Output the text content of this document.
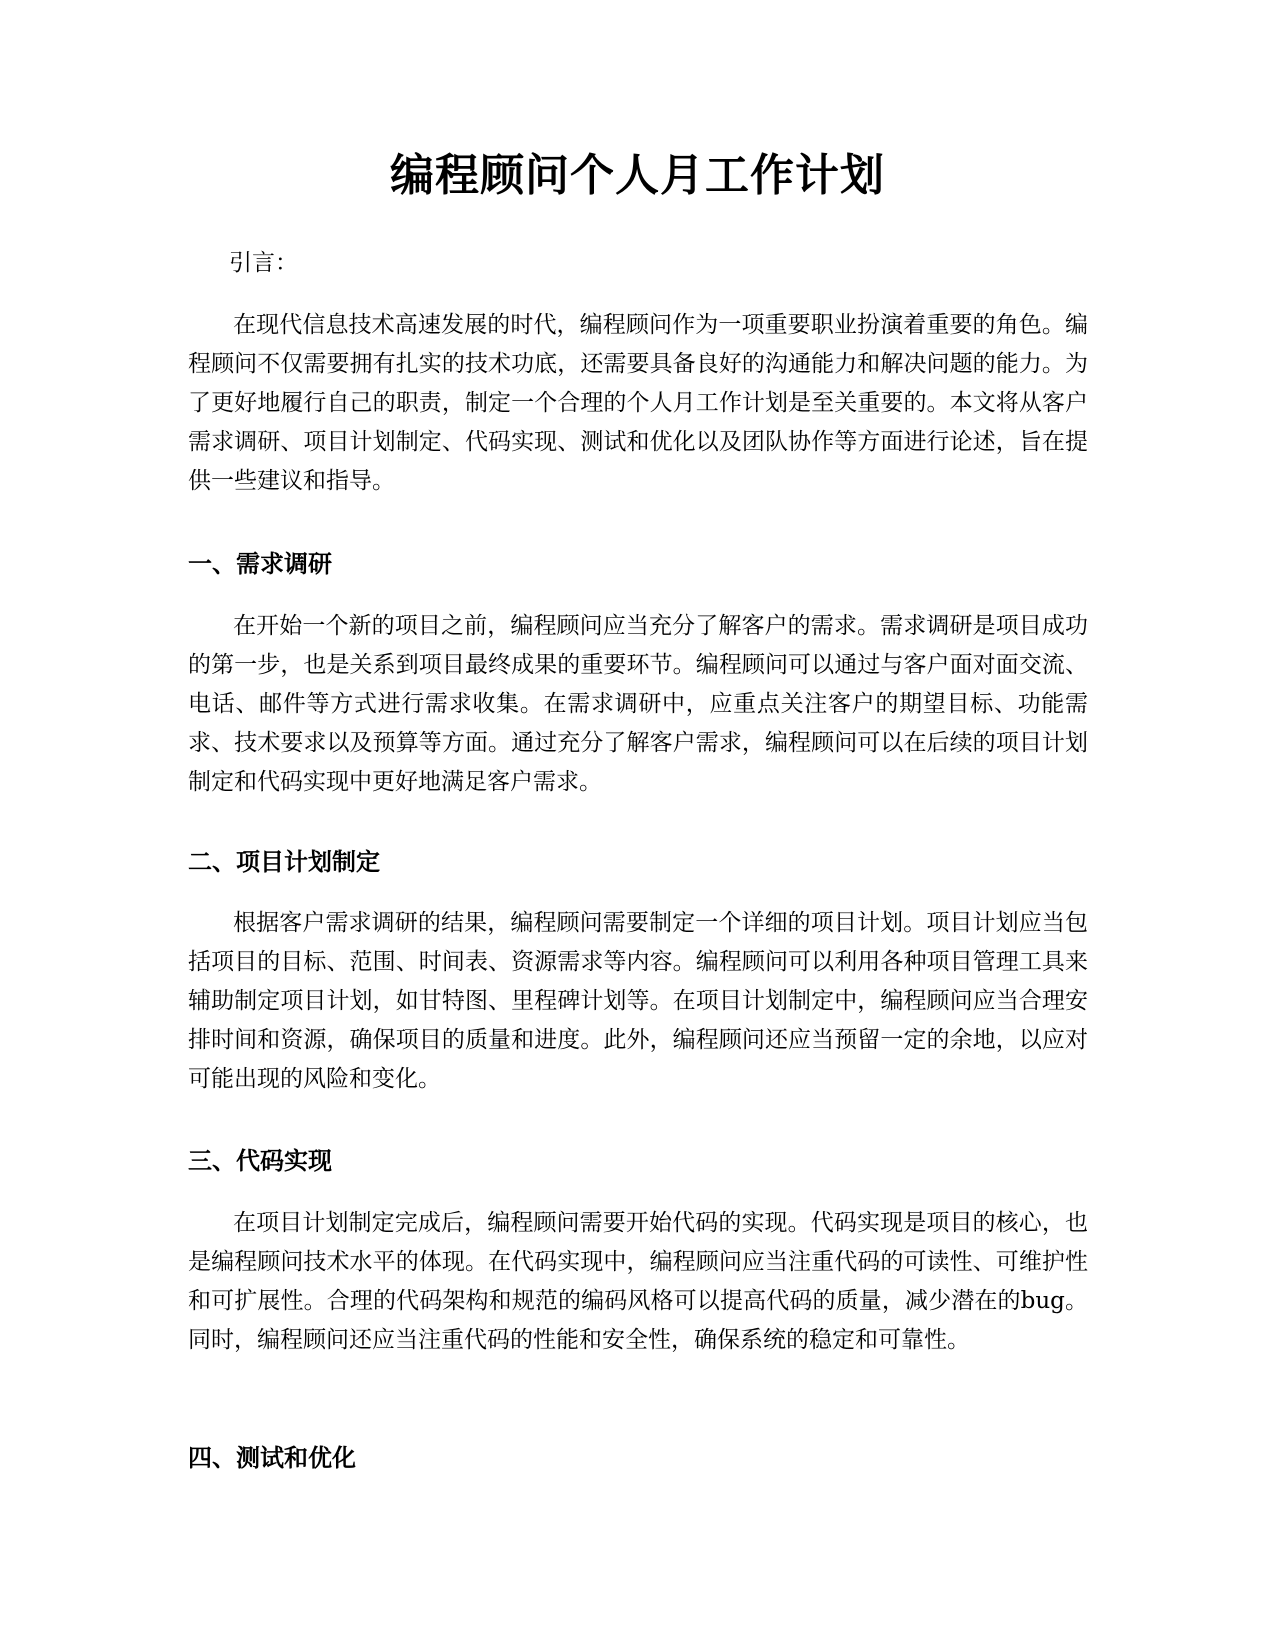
编程顾问个人月工作计划
引言：

在现代信息技术高速发展的时代，编程顾问作为一项重要职业扮演着重要的角色。编程顾问不仅需要拥有扎实的技术功底，还需要具备良好的沟通能力和解决问题的能力。为了更好地履行自己的职责，制定一个合理的个人月工作计划是至关重要的。本文将从客户需求调研、项目计划制定、代码实现、测试和优化以及团队协作等方面进行论述，旨在提供一些建议和指导。

一、需求调研

在开始一个新的项目之前，编程顾问应当充分了解客户的需求。需求调研是项目成功的第一步，也是关系到项目最终成果的重要环节。编程顾问可以通过与客户面对面交流、电话、邮件等方式进行需求收集。在需求调研中，应重点关注客户的期望目标、功能需求、技术要求以及预算等方面。通过充分了解客户需求，编程顾问可以在后续的项目计划制定和代码实现中更好地满足客户需求。

二、项目计划制定

根据客户需求调研的结果，编程顾问需要制定一个详细的项目计划。项目计划应当包括项目的目标、范围、时间表、资源需求等内容。编程顾问可以利用各种项目管理工具来辅助制定项目计划，如甘特图、里程碑计划等。在项目计划制定中，编程顾问应当合理安排时间和资源，确保项目的质量和进度。此外，编程顾问还应当预留一定的余地，以应对可能出现的风险和变化。

三、代码实现

在项目计划制定完成后，编程顾问需要开始代码的实现。代码实现是项目的核心，也是编程顾问技术水平的体现。在代码实现中，编程顾问应当注重代码的可读性、可维护性和可扩展性。合理的代码架构和规范的编码风格可以提高代码的质量，减少潜在的bug。同时，编程顾问还应当注重代码的性能和安全性，确保系统的稳定和可靠性。

四、测试和优化
